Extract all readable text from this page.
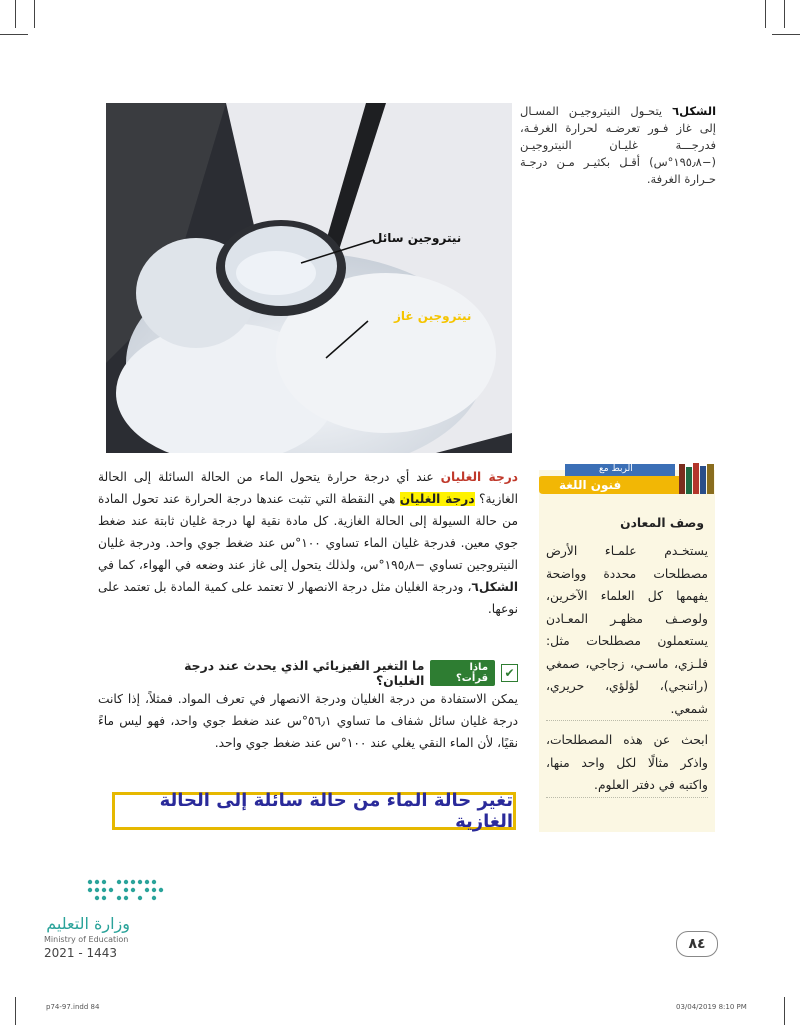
نيتروجين سائل
نيتروجين غاز
الشكل٦ يتحـول النيتروجيـن المسـال إلى غاز فـور تعرضـه لحرارة الغرفـة، فدرجـــة غليـان النيتروجيـن (−١٩٥٫٨°س) أقـل بكثيـر مـن درجـة حـرارة الغرفة.
درجة الغليان عند أي درجة حرارة يتحول الماء من الحالة السائلة إلى الحالة الغازية؟ درجة الغليان هي النقطة التي تثبت عندها درجة الحرارة عند تحول المادة من حالة السيولة إلى الحالة الغازية. كل مادة نقية لها درجة غليان ثابتة عند ضغط جوي معين. فدرجة غليان الماء تساوي ١٠٠°س عند ضغط جوي واحد. ودرجة غليان النيتروجين تساوي −١٩٥٫٨°س، ولذلك يتحول إلى غاز عند وضعه في الهواء، كما في الشكل٦، ودرجة الغليان مثل درجة الانصهار لا تعتمد على كمية المادة بل تعتمد على نوعها.
✔
ماذا قرأت؟
ما التغير الفيزيائي الذي يحدث عند درجة الغليان؟
يمكن الاستفادة من درجة الغليان ودرجة الانصهار في تعرف المواد. فمثلاً، إذا كانت درجة غليان سائل شفاف ما تساوي ٥٦٫١°س عند ضغط جوي واحد، فهو ليس ماءً نقيًا، لأن الماء النقي يغلي عند ١٠٠°س عند ضغط جوي واحد.
تغير حالة الماء من حالة سائلة إلى الحالة الغازية
الربط مع
فنون اللغة
وصف المعادن

يستخـدم علمـاء الأرض مصطلحات محددة وواضحة يفهمها كل العلماء الآخرين، ولوصـف مظهـر المعـادن يستعملون مصطلحات مثل: فلـزي، ماسـي، زجاجي، صمغي (راتنجي)، لؤلؤي، حريري، شمعي.

ابحث عن هذه المصطلحات، واذكر مثالًا لكل واحد منها، واكتبه في دفتر العلوم.

وزارة التعليم
Ministry of Education
2021 - 1443
٨٤
p74-97.indd 84	03/04/2019 8:10 PM
